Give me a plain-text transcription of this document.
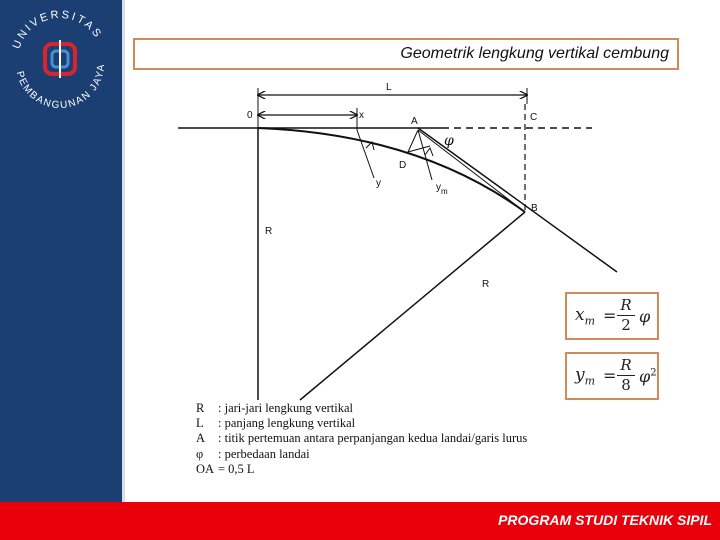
UNIVERSITAS
PEMBANGUNAN JAYA
Geometrik lengkung vertikal cembung
L
0	x
A	C
φ
D
y	$y_m$
B
R
R
$x_m = \frac{R}{2}$ φ
$y_m = \frac{R}{8} \varphi^2$
R	: jari-jari lengkung vertikal
L	: panjang lengkung vertikal
A	: titik pertemuan antara perpanjangan kedua landai/garis lurus
φ	: perbedaan landai
OA = 0,5 L
PROGRAM STUDI TEKNIK SIPIL
